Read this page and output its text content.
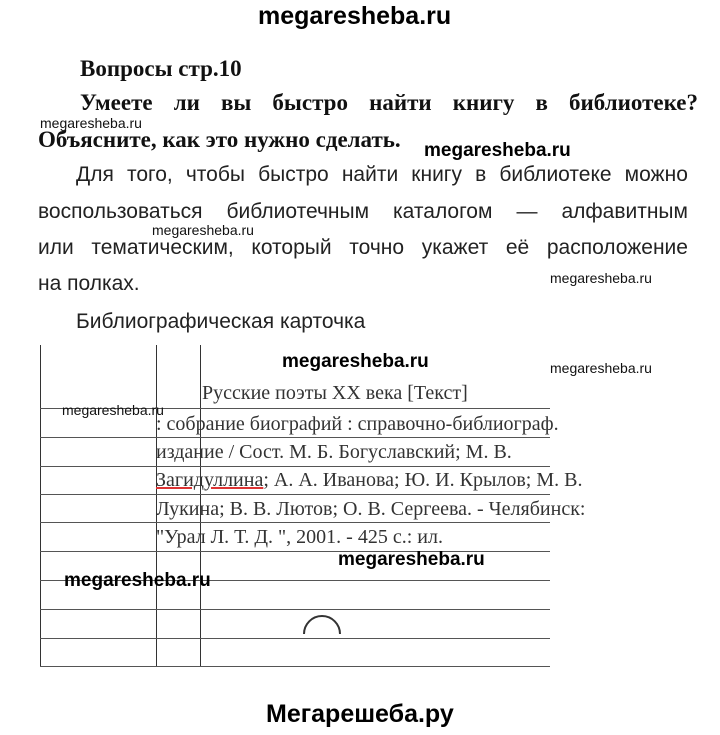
megaresheba.ru
Вопросы стр.10
Умеете ли вы быстро найти книгу в библиотеке?
megaresheba.ru
Объясните, как это нужно сделать. megaresheba.ru
Для того, чтобы быстро найти книгу в библиотеке можно
воспользоваться библиотечным каталогом — алфавитным
megaresheba.ru
или тематическим, который точно укажет её расположение
megaresheba.ru
на полках.
Библиографическая карточка
megaresheba.ru	megaresheba.ru
megaresheba.ru
Русские поэты XX века [Текст]
: собрание биографий : справочно-библиограф.
издание / Сост. М. Б. Богуславский; М. В.
Загидуллина; А. А. Иванова; Ю. И. Крылов; М. В.
Лукина; В. В. Лютов; О. В. Сергеева. - Челябинск:
"Урал Л. Т. Д. ", 2001. - 425 с.: ил.
megaresheba.ru
megaresheba.ru
Мегарешеба.ру
